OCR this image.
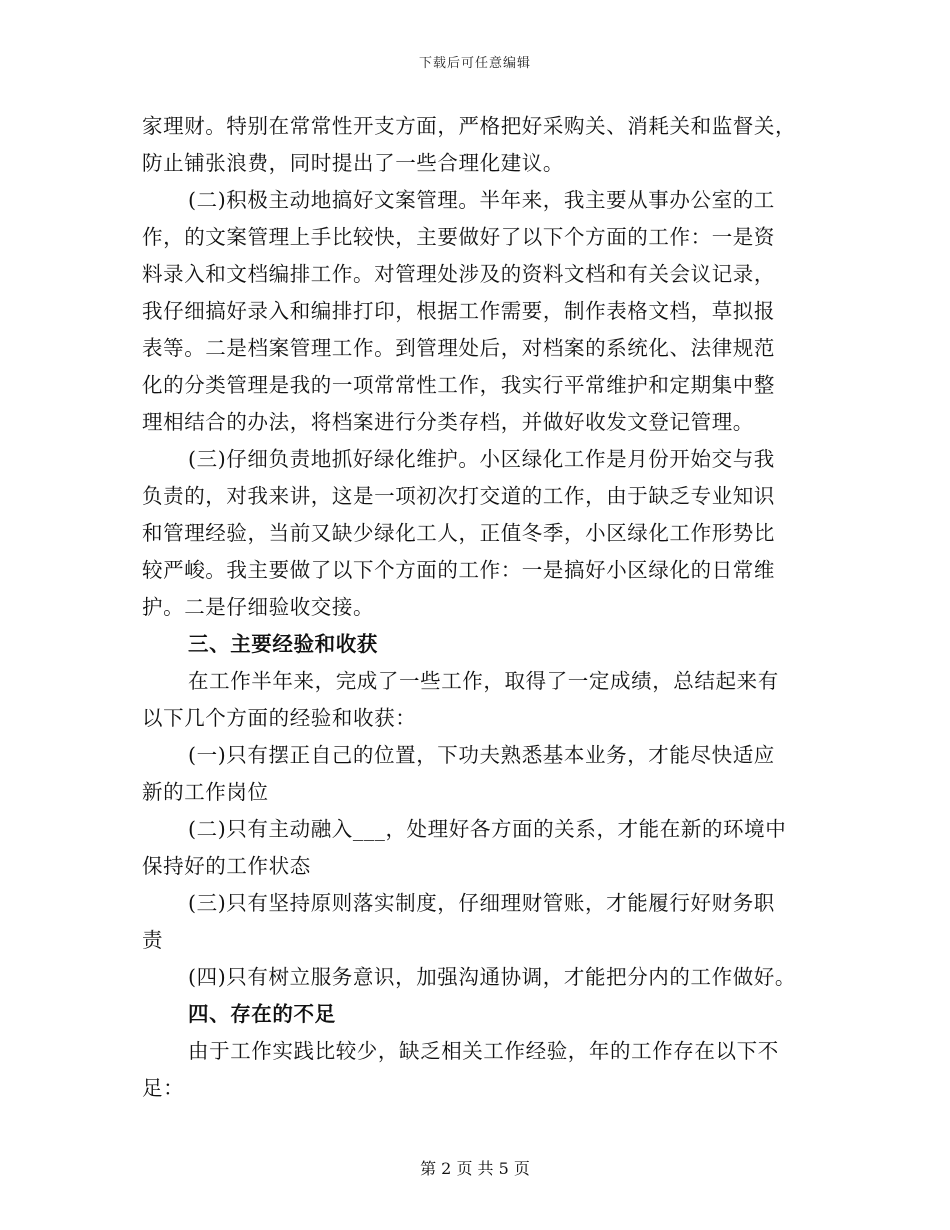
下载后可任意编辑
家理财。特别在常常性开支方面，严格把好采购关、消耗关和监督关，
防止铺张浪费，同时提出了一些合理化建议。
(二)积极主动地搞好文案管理。半年来，我主要从事办公室的工
作，的文案管理上手比较快，主要做好了以下个方面的工作：一是资
料录入和文档编排工作。对管理处涉及的资料文档和有关会议记录，
我仔细搞好录入和编排打印，根据工作需要，制作表格文档，草拟报
表等。二是档案管理工作。到管理处后，对档案的系统化、法律规范
化的分类管理是我的一项常常性工作，我实行平常维护和定期集中整
理相结合的办法，将档案进行分类存档，并做好收发文登记管理。
(三)仔细负责地抓好绿化维护。小区绿化工作是月份开始交与我
负责的，对我来讲，这是一项初次打交道的工作，由于缺乏专业知识
和管理经验，当前又缺少绿化工人，正值冬季，小区绿化工作形势比
较严峻。我主要做了以下个方面的工作：一是搞好小区绿化的日常维
护。二是仔细验收交接。
三、主要经验和收获
在工作半年来，完成了一些工作，取得了一定成绩，总结起来有
以下几个方面的经验和收获：
(一)只有摆正自己的位置，下功夫熟悉基本业务，才能尽快适应
新的工作岗位
(二)只有主动融入___，处理好各方面的关系，才能在新的环境中
保持好的工作状态
(三)只有坚持原则落实制度，仔细理财管账，才能履行好财务职
责
(四)只有树立服务意识，加强沟通协调，才能把分内的工作做好。
四、存在的不足
由于工作实践比较少，缺乏相关工作经验，年的工作存在以下不
足：
第 2 页 共 5 页
